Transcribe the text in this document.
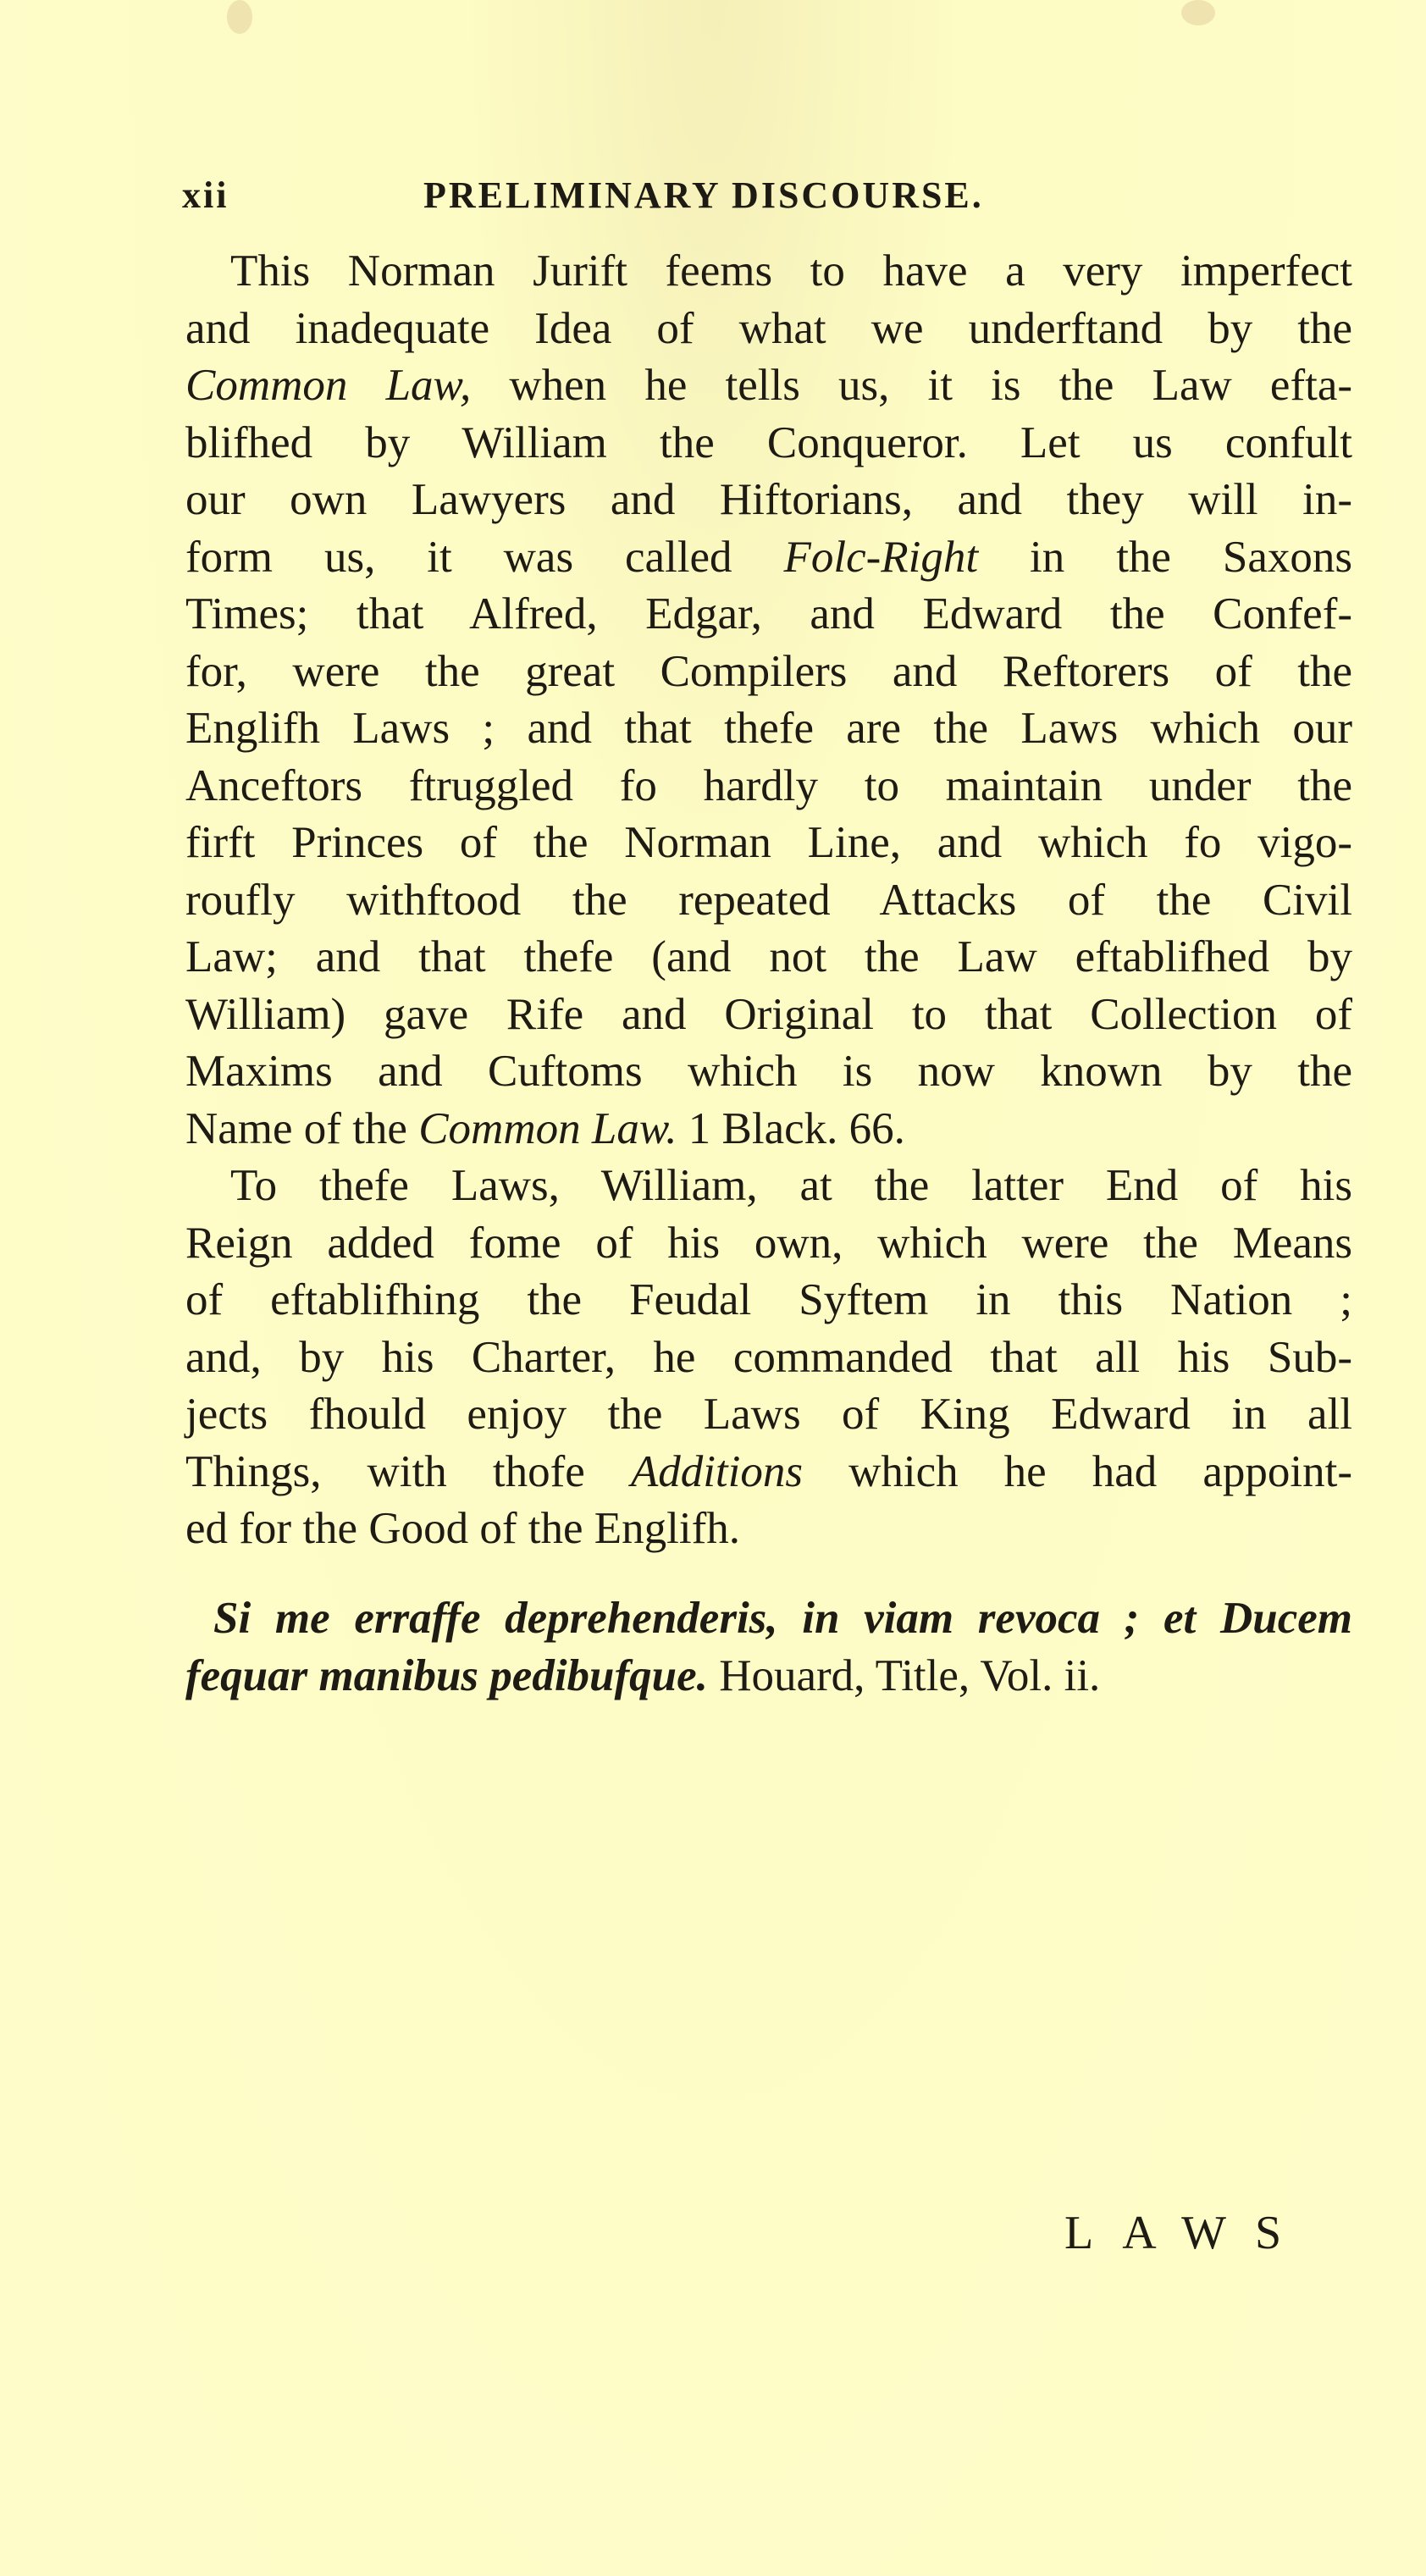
xii	PRELIMINARY DISCOURSE.
This Norman Jurift feems to have a very imperfect
and inadequate Idea of what we underftand by the
Common Law, when he tells us, it is the Law efta-
blifhed by William the Conqueror. Let us confult
our own Lawyers and Hiftorians, and they will in-
form us, it was called Folc-Right in the Saxons
Times; that Alfred, Edgar, and Edward the Confef-
for, were the great Compilers and Reftorers of the
Englifh Laws ; and that thefe are the Laws which our
Anceftors ftruggled fo hardly to maintain under the
firft Princes of the Norman Line, and which fo vigo-
roufly withftood the repeated Attacks of the Civil
Law; and that thefe (and not the Law eftablifhed by
William) gave Rife and Original to that Collection of
Maxims and Cuftoms which is now known by the
Name of the Common Law. 1 Black. 66.
To thefe Laws, William, at the latter End of his
Reign added fome of his own, which were the Means
of eftablifhing the Feudal Syftem in this Nation ;
and, by his Charter, he commanded that all his Sub-
jects fhould enjoy the Laws of King Edward in all
Things, with thofe Additions which he had appoint-
ed for the Good of the Englifh.
Si me erraffe deprehenderis, in viam revoca ; et Ducem
fequar manibus pedibufque. Houard, Title, Vol. ii.
LAWS
